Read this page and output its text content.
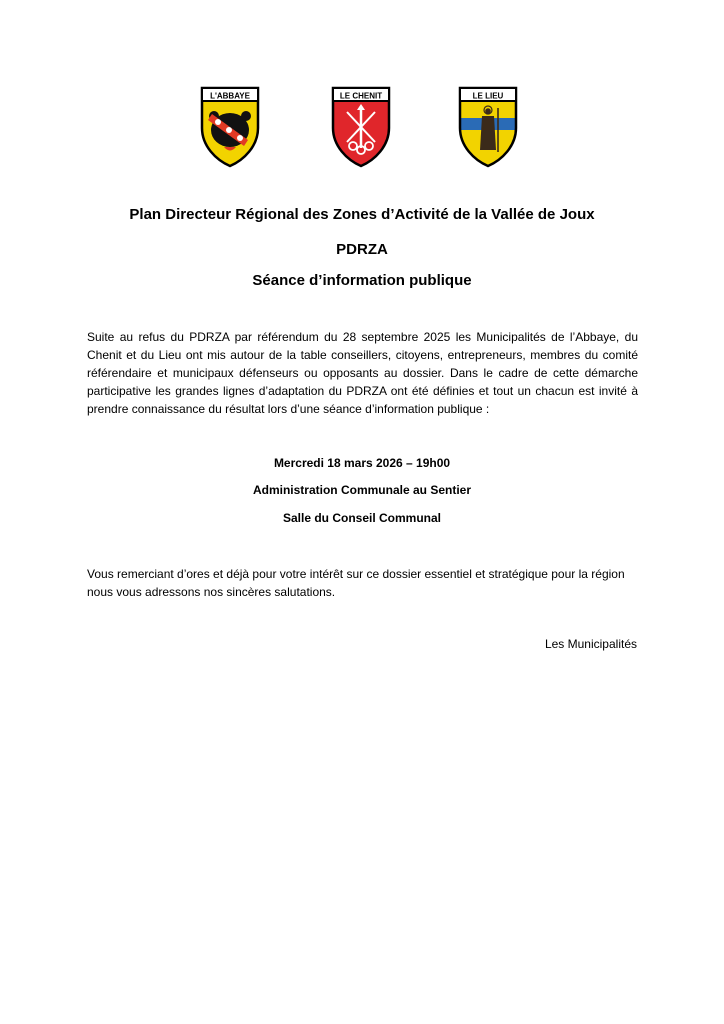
L'ABBAYE	LE CHENIT	LE LIEU
Plan Directeur Régional des Zones d’Activité de la Vallée de Joux
PDRZA
Séance d’information publique

Suite au refus du PDRZA par référendum du 28 septembre 2025 les Municipalités de l’Abbaye, du Chenit et du Lieu ont mis autour de la table conseillers, citoyens, entrepreneurs, membres du comité référendaire et municipaux défenseurs ou opposants au dossier. Dans le cadre de cette démarche participative les grandes lignes d’adaptation du PDRZA ont été définies et tout un chacun est invité à prendre connaissance du résultat lors d’une séance d’information publique :

Mercredi 18 mars 2026 – 19h00

Administration Communale au Sentier

Salle du Conseil Communal

Vous remerciant d’ores et déjà pour votre intérêt sur ce dossier essentiel et stratégique pour la région nous vous adressons nos sincères salutations.

Les Municipalités
